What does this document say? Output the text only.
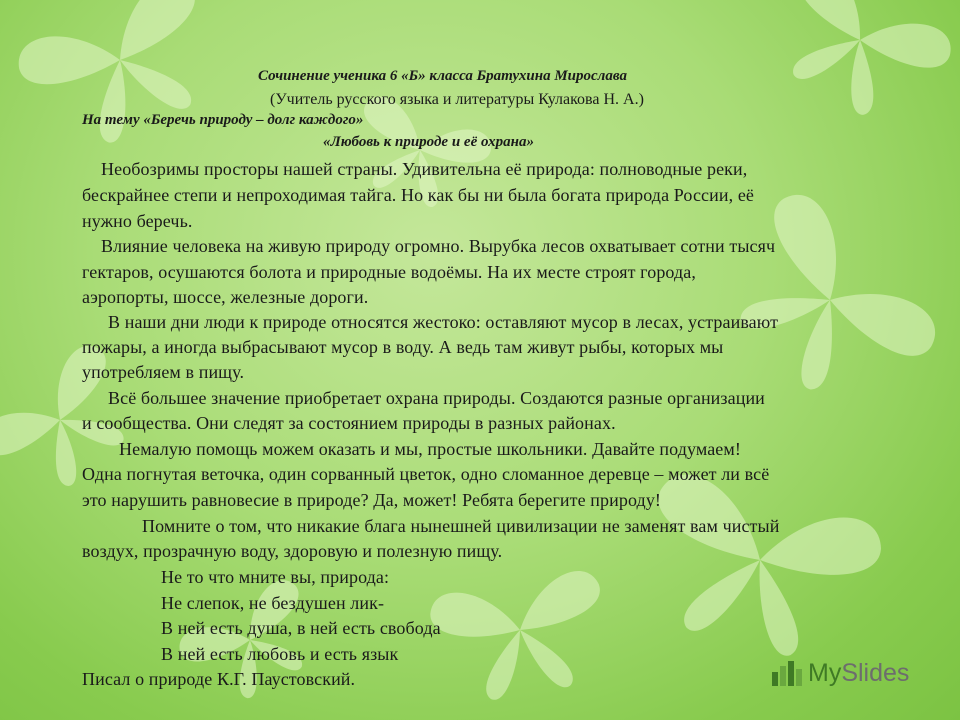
Сочинение ученика 6 «Б» класса Братухина Мирослава
(Учитель русского языка и литературы Кулакова Н. А.)
На тему «Беречь природу – долг каждого»
«Любовь к природе и её охрана»
Необозримы просторы нашей страны. Удивительна её природа: полноводные реки,
бескрайнее степи и непроходимая тайга. Но как бы ни была богата природа России, её
нужно беречь.
Влияние человека на живую природу огромно. Вырубка лесов охватывает сотни тысяч
гектаров, осушаются болота и природные водоёмы. На их месте строят города,
аэропорты, шоссе, железные дороги.
В наши дни люди к природе относятся жестоко: оставляют мусор в лесах, устраивают
пожары, а иногда выбрасывают мусор в воду. А ведь там живут рыбы, которых мы
употребляем в пищу.
Всё большее значение приобретает охрана природы. Создаются разные организации
и сообщества. Они следят за состоянием природы в разных районах.
Немалую помощь можем оказать и мы, простые школьники. Давайте подумаем!
Одна погнутая веточка, один сорванный цветок, одно сломанное деревце – может ли всё
это нарушить равновесие в природе? Да, может! Ребята берегите природу!
Помните о том, что никакие блага нынешней цивилизации не заменят вам чистый
воздух, прозрачную воду, здоровую и полезную пищу.
Не то что мните вы, природа:
Не слепок, не бездушен лик-
В ней есть душа, в ней есть свобода
В ней есть любовь и есть язык
Писал о природе К.Г. Паустовский.	My Slides
